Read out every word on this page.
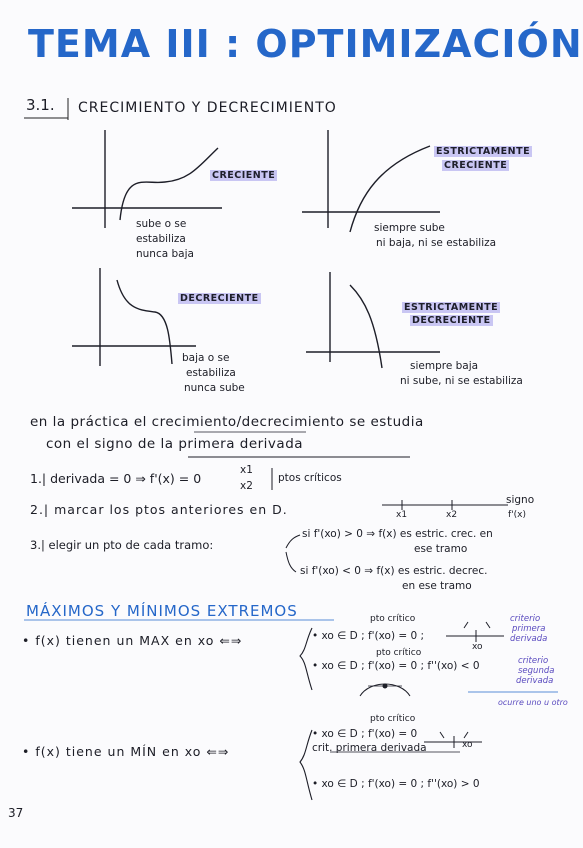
TEMA III : OPTIMIZACIÓN
3.1. CRECIMIENTO Y DECRECIMIENTO
CRECIENTE
sube o se
estabiliza
nunca baja
ESTRICTAMENTE
CRECIENTE
siempre sube
ni baja, ni se estabiliza
DECRECIENTE
baja o se
estabiliza
nunca sube
ESTRICTAMENTE
DECRECIENTE
siempre baja
ni sube, ni se estabiliza
en la práctica el crecimiento/decrecimiento se estudia
con el signo de la primera derivada
1.| derivada = 0 ⇒ f'(x) = 0
x1
x2
ptos críticos
2.| marcar los ptos anteriores en D.
signo
f'(x)
x1	x2
3.| elegir un pto de cada tramo:
si f'(xo) > 0 ⇒ f(x) es estric. crec. en
ese tramo
si f'(xo) < 0 ⇒ f(x) es estric. decrec.
en ese tramo
MÁXIMOS Y MÍNIMOS EXTREMOS
• f(x) tienen un MAX en xo ⇐⇒
pto crítico
• xo ∈ D ; f'(xo) = 0 ;
criterio
primera
derivada
xo
pto crítico
• xo ∈ D ; f'(xo) = 0 ; f''(xo) < 0	criterio
segunda
derivada
ocurre uno u otro
pto crítico
• xo ∈ D ; f'(xo) = 0
crit. primera derivada	xo
• f(x) tiene un MÍN en xo ⇐⇒
• xo ∈ D ; f'(xo) = 0 ; f''(xo) > 0
37
